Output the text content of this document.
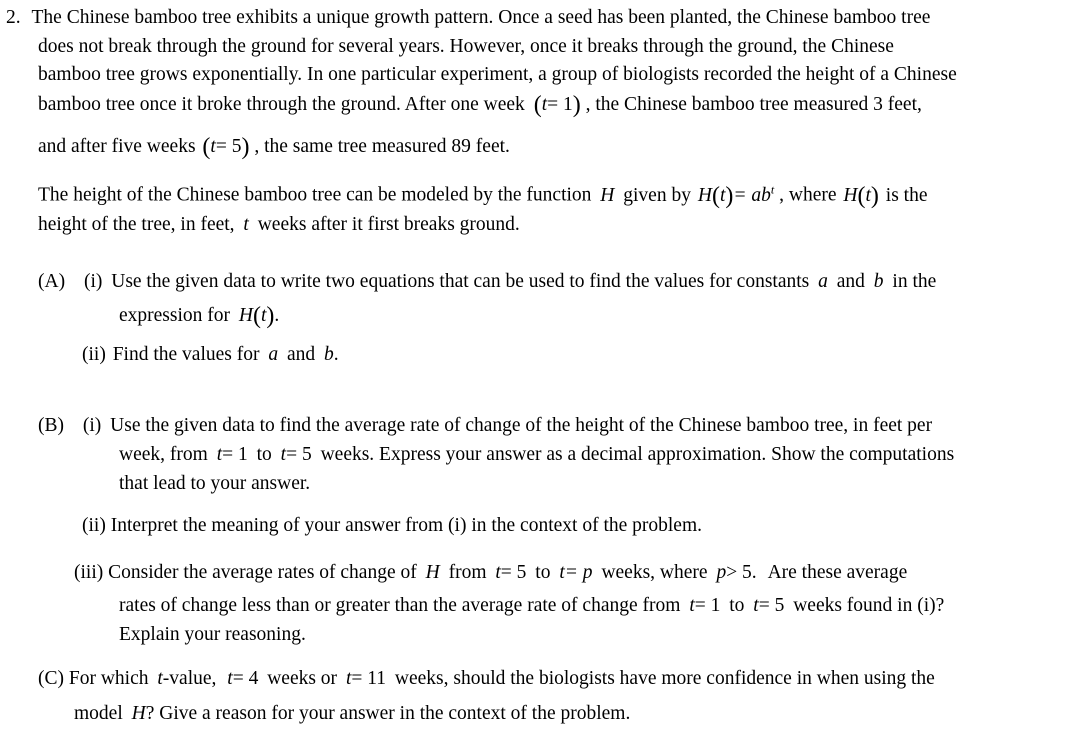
2. The Chinese bamboo tree exhibits a unique growth pattern. Once a seed has been planted, the Chinese bamboo tree
does not break through the ground for several years. However, once it breaks through the ground, the Chinese
bamboo tree grows exponentially. In one particular experiment, a group of biologists recorded the height of a Chinese
bamboo tree once it broke through the ground. After one week (t= 1) , the Chinese bamboo tree measured 3 feet,
and after five weeks (t= 5) , the same tree measured 89 feet.
The height of the Chinese bamboo tree can be modeled by the function H given by $H(t)= ab^t$ , where H(t) is the
height of the tree, in feet, t weeks after it first breaks ground.
(A) (i) Use the given data to write two equations that can be used to find the values for constants a and b in the
expression for H(t).
(ii) Find the values for a and b.
(B) (i) Use the given data to find the average rate of change of the height of the Chinese bamboo tree, in feet per
week, from t= 1 to t= 5 weeks. Express your answer as a decimal approximation. Show the computations
that lead to your answer.
(ii) Interpret the meaning of your answer from (i) in the context of the problem.
(iii) Consider the average rates of change of H from t= 5 to t= p weeks, where p> 5. Are these average
rates of change less than or greater than the average rate of change from t= 1 to t= 5 weeks found in (i)?
Explain your reasoning.
(C) For which t-value, t= 4 weeks or t= 11 weeks, should the biologists have more confidence in when using the
model H? Give a reason for your answer in the context of the problem.
